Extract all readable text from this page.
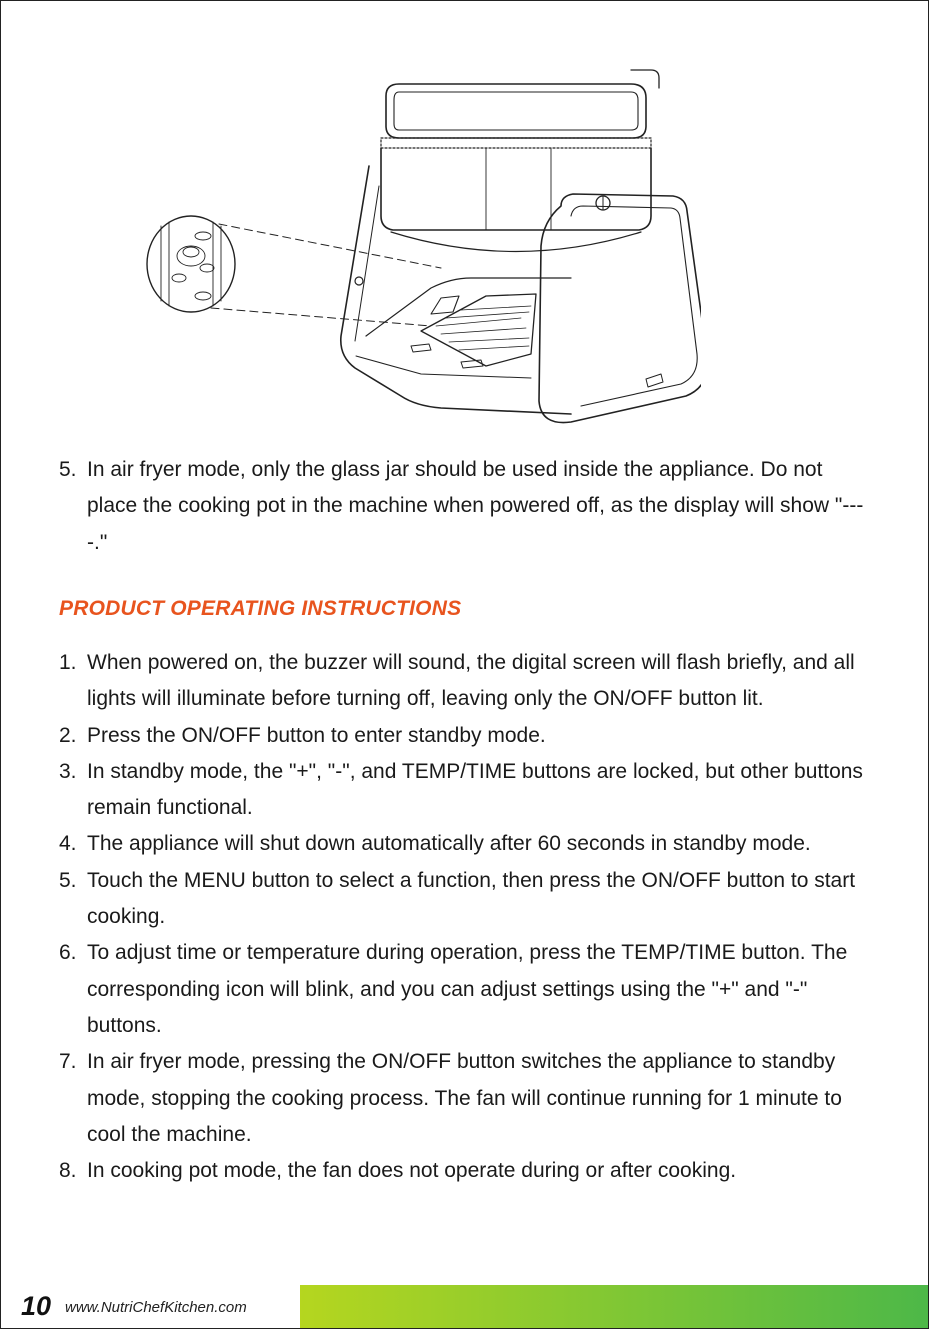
5. In air fryer mode, only the glass jar should be used inside the appliance. Do not place the cooking pot in the machine when powered off, as the display will show "----."
PRODUCT OPERATING INSTRUCTIONS
1. When powered on, the buzzer will sound, the digital screen will flash briefly, and all lights will illuminate before turning off, leaving only the ON/OFF button lit.
2. Press the ON/OFF button to enter standby mode.
3. In standby mode, the "+", "-", and TEMP/TIME buttons are locked, but other buttons remain functional.
4. The appliance will shut down automatically after 60 seconds in standby mode.
5. Touch the MENU button to select a function, then press the ON/OFF button to start cooking.
6. To adjust time or temperature during operation, press the TEMP/TIME button. The corresponding icon will blink, and you can adjust settings using the "+" and "-" buttons.
7. In air fryer mode, pressing the ON/OFF button switches the appliance to standby mode, stopping the cooking process. The fan will continue running for 1 minute to cool the machine.
8. In cooking pot mode, the fan does not operate during or after cooking.
10 www.NutriChefKitchen.com
